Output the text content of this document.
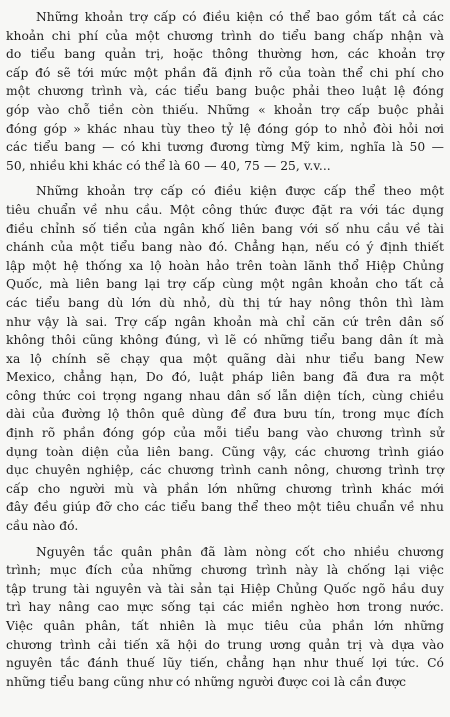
Những khoản trợ cấp có điều kiện có thể bao gồm tất cả các
khoản chi phí của một chương trình do tiểu bang chấp nhận và
do tiểu bang quản trị, hoặc thông thường hơn, các khoản trợ
cấp đó sẽ tới mức một phần đã định rõ của toàn thể chi phí cho
một chương trình và, các tiểu bang buộc phải theo luật lệ đóng
góp vào chỗ tiền còn thiếu. Những « khoản trợ cấp buộc phải
đóng góp » khác nhau tùy theo tỷ lệ đóng góp to nhỏ đòi hỏi nơi
các tiểu bang — có khi tương đương từng Mỹ kim, nghĩa là 50 —
50, nhiều khi khác có thể là 60 — 40, 75 — 25, v.v...
Những khoản trợ cấp có điều kiện được cấp thể theo một
tiêu chuẩn về nhu cầu. Một công thức được đặt ra với tác dụng
điều chỉnh số tiền của ngân khố liên bang với số nhu cầu về tài
chánh của một tiểu bang nào đó. Chẳng hạn, nếu có ý định thiết
lập một hệ thống xa lộ hoàn hảo trên toàn lãnh thổ Hiệp Chủng
Quốc, mà liên bang lại trợ cấp cùng một ngân khoản cho tất cả
các tiểu bang dù lớn dù nhỏ, dù thị tứ hay nông thôn thì làm
như vậy là sai. Trợ cấp ngân khoản mà chỉ căn cứ trên dân số
không thôi cũng không đúng, vì lẽ có những tiểu bang dân ít mà
xa lộ chính sẽ chạy qua một quãng dài như tiểu bang New
Mexico, chẳng hạn, Do đó, luật pháp liên bang đã đưa ra một
công thức coi trọng ngang nhau dân số lẫn diện tích, cùng chiều
dài của đường lộ thôn quê dùng để đưa bưu tín, trong mục đích
định rõ phần đóng góp của mỗi tiểu bang vào chương trình sử
dụng toàn diện của liên bang. Cũng vậy, các chương trình giáo
dục chuyên nghiệp, các chương trình canh nông, chương trình trợ
cấp cho người mù và phần lớn những chương trình khác mới
đây đều giúp đỡ cho các tiểu bang thể theo một tiêu chuẩn về nhu
cầu nào đó.
Nguyên tắc quân phân đã làm nòng cốt cho nhiều chương
trình; mục đích của những chương trình này là chống lại việc
tập trung tài nguyên và tài sản tại Hiệp Chủng Quốc ngõ hầu duy
trì hay nâng cao mực sống tại các miền nghèo hơn trong nước.
Việc quân phân, tất nhiên là mục tiêu của phần lớn những
chương trình cải tiến xã hội do trung ương quản trị và dựa vào
nguyên tắc đánh thuế lũy tiến, chẳng hạn như thuế lợi tức. Có
những tiểu bang cũng như có những người được coi là cần được
